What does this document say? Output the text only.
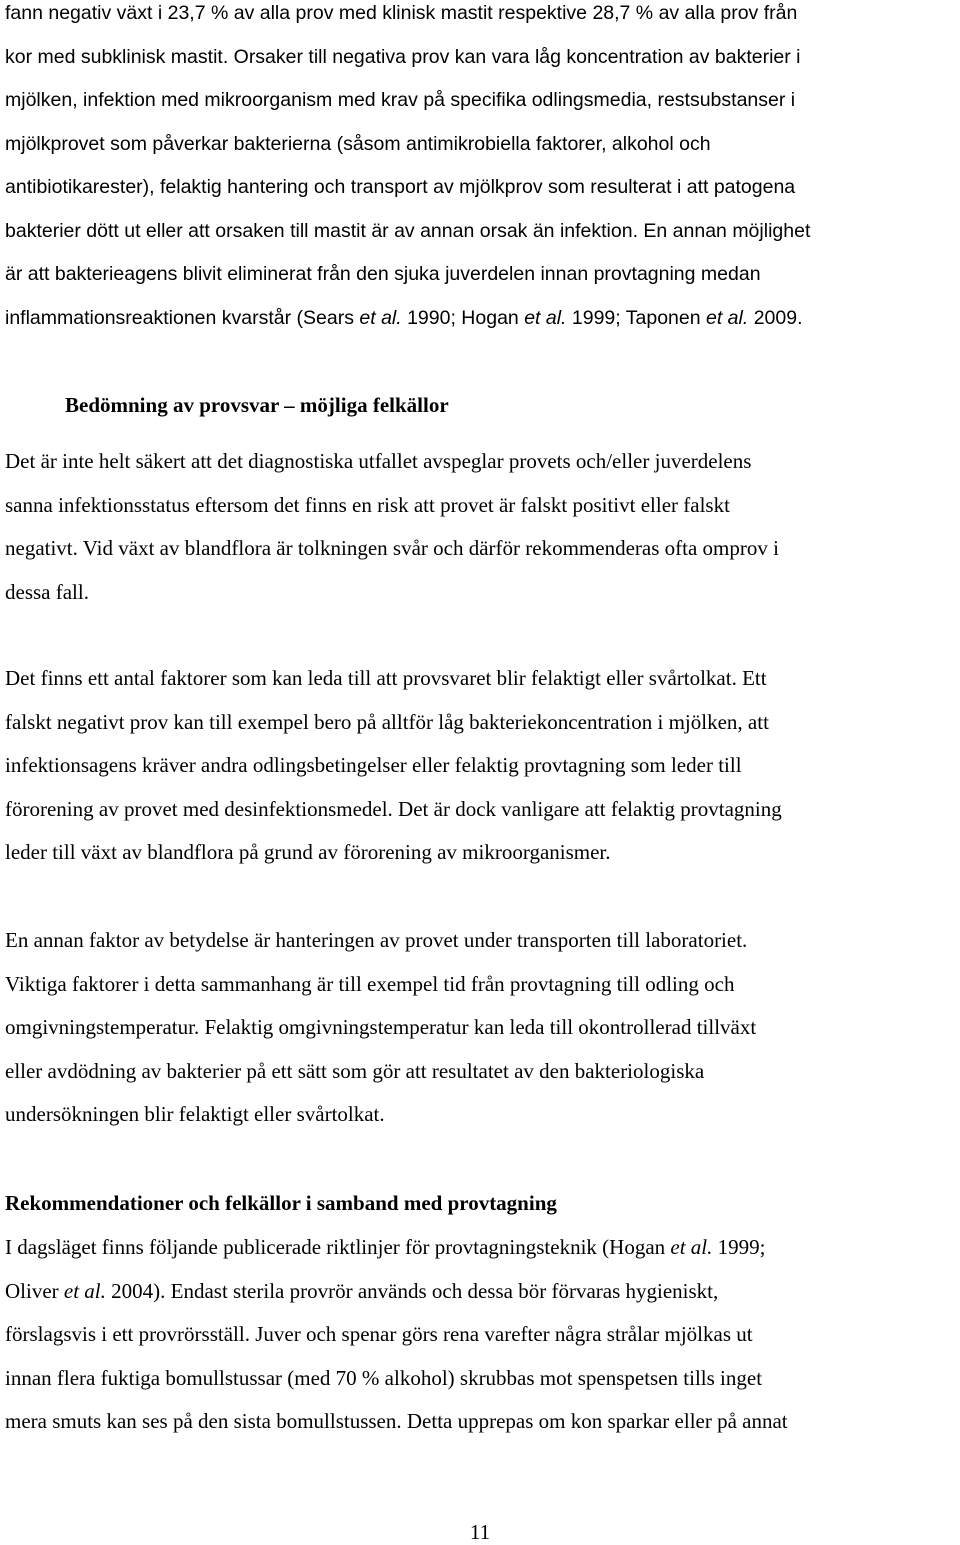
fann negativ växt i 23,7 % av alla prov med klinisk mastit respektive 28,7 % av alla prov från
kor med subklinisk mastit. Orsaker till negativa prov kan vara låg koncentration av bakterier i
mjölken, infektion med mikroorganism med krav på specifika odlingsmedia, restsubstanser i
mjölkprovet som påverkar bakterierna (såsom antimikrobiella faktorer, alkohol och
antibiotikarester), felaktig hantering och transport av mjölkprov som resulterat i att patogena
bakterier dött ut eller att orsaken till mastit är av annan orsak än infektion. En annan möjlighet
är att bakterieagens blivit eliminerat från den sjuka juverdelen innan provtagning medan
inflammationsreaktionen kvarstår (Sears et al. 1990; Hogan et al. 1999; Taponen et al. 2009.
Bedömning av provsvar – möjliga felkällor
Det är inte helt säkert att det diagnostiska utfallet avspeglar provets och/eller juverdelens
sanna infektionsstatus eftersom det finns en risk att provet är falskt positivt eller falskt
negativt. Vid växt av blandflora är tolkningen svår och därför rekommenderas ofta omprov i
dessa fall.
Det finns ett antal faktorer som kan leda till att provsvaret blir felaktigt eller svårtolkat. Ett
falskt negativt prov kan till exempel bero på alltför låg bakteriekoncentration i mjölken, att
infektionsagens kräver andra odlingsbetingelser eller felaktig provtagning som leder till
förorening av provet med desinfektionsmedel. Det är dock vanligare att felaktig provtagning
leder till växt av blandflora på grund av förorening av mikroorganismer.
En annan faktor av betydelse är hanteringen av provet under transporten till laboratoriet.
Viktiga faktorer i detta sammanhang är till exempel tid från provtagning till odling och
omgivningstemperatur. Felaktig omgivningstemperatur kan leda till okontrollerad tillväxt
eller avdödning av bakterier på ett sätt som gör att resultatet av den bakteriologiska
undersökningen blir felaktigt eller svårtolkat.
Rekommendationer och felkällor i samband med provtagning
I dagsläget finns följande publicerade riktlinjer för provtagningsteknik (Hogan et al. 1999;
Oliver et al. 2004). Endast sterila provrör används och dessa bör förvaras hygieniskt,
förslagsvis i ett provrörsställ. Juver och spenar görs rena varefter några strålar mjölkas ut
innan flera fuktiga bomullstussar (med 70 % alkohol) skrubbas mot spenspetsen tills inget
mera smuts kan ses på den sista bomullstussen. Detta upprepas om kon sparkar eller på annat
11
